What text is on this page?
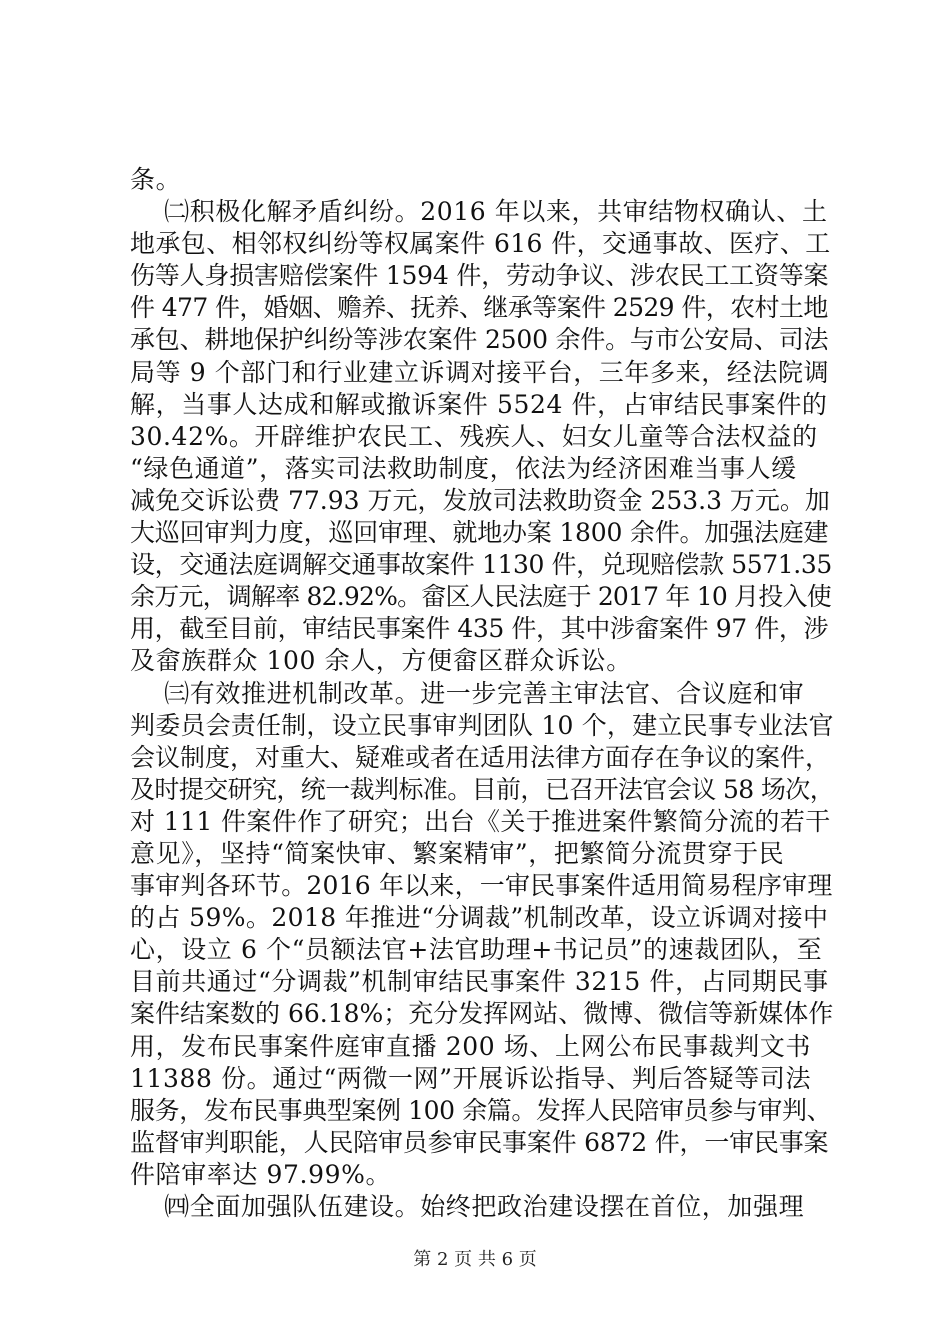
条。
㈡积极化解矛盾纠纷。2016 年以来，共审结物权确认、土
地承包、相邻权纠纷等权属案件 616 件，交通事故、医疗、工
伤等人身损害赔偿案件 1594 件，劳动争议、涉农民工工资等案
件 477 件，婚姻、赡养、抚养、继承等案件 2529 件，农村土地
承包、耕地保护纠纷等涉农案件 2500 余件。与市公安局、司法
局等 9 个部门和行业建立诉调对接平台，三年多来，经法院调
解，当事人达成和解或撤诉案件 5524 件，占审结民事案件的
30.42%。开辟维护农民工、残疾人、妇女儿童等合法权益的
“绿色通道”，落实司法救助制度，依法为经济困难当事人缓
减免交诉讼费 77.93 万元，发放司法救助资金 253.3 万元。加
大巡回审判力度，巡回审理、就地办案 1800 余件。加强法庭建
设，交通法庭调解交通事故案件 1130 件，兑现赔偿款 5571.35
余万元，调解率 82.92%。畲区人民法庭于 2017 年 10 月投入使
用，截至目前，审结民事案件 435 件，其中涉畲案件 97 件，涉
及畲族群众 100 余人，方便畲区群众诉讼。
㈢有效推进机制改革。进一步完善主审法官、合议庭和审
判委员会责任制，设立民事审判团队 10 个，建立民事专业法官
会议制度，对重大、疑难或者在适用法律方面存在争议的案件，
及时提交研究，统一裁判标准。目前，已召开法官会议 58 场次，
对 111 件案件作了研究；出台《关于推进案件繁简分流的若干
意见》，坚持“简案快审、繁案精审”，把繁简分流贯穿于民
事审判各环节。2016 年以来，一审民事案件适用简易程序审理
的占 59%。2018 年推进“分调裁”机制改革，设立诉调对接中
心，设立 6 个“员额法官+法官助理+书记员”的速裁团队，至
目前共通过“分调裁”机制审结民事案件 3215 件，占同期民事
案件结案数的 66.18%；充分发挥网站、微博、微信等新媒体作
用，发布民事案件庭审直播 200 场、上网公布民事裁判文书
11388 份。通过“两微一网”开展诉讼指导、判后答疑等司法
服务，发布民事典型案例 100 余篇。发挥人民陪审员参与审判、
监督审判职能，人民陪审员参审民事案件 6872 件，一审民事案
件陪审率达 97.99%。
㈣全面加强队伍建设。始终把政治建设摆在首位，加强理
第 2 页 共 6 页
